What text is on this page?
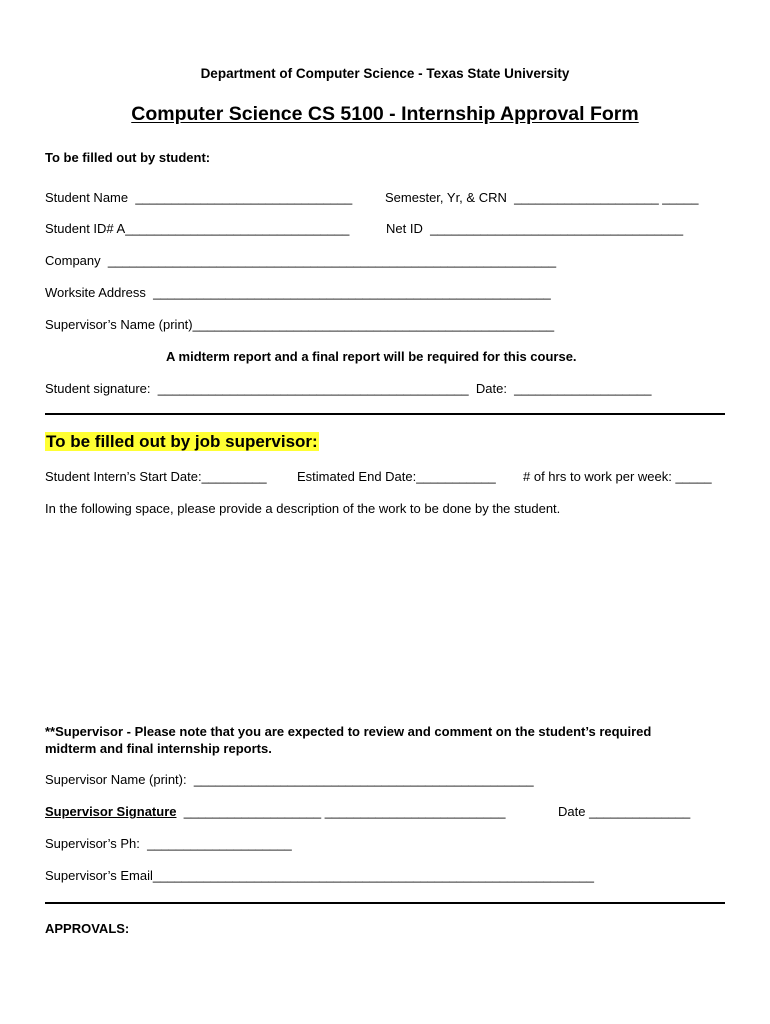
Department of Computer Science - Texas State University
Computer Science CS 5100 - Internship Approval Form
To be filled out by student:
Student Name  ______________________________	Semester, Yr, & CRN  ____________________ _____
Student ID# A_______________________________	Net ID  ___________________________________
Company  ______________________________________________________________
Worksite Address  _______________________________________________________
Supervisor’s Name (print)__________________________________________________
A midterm report and a final report will be required for this course.
Student signature:  ___________________________________________  Date:  ___________________
To be filled out by job supervisor:
Student Intern’s Start Date:_________ Estimated End Date:___________ # of hrs to work per week: _____
In the following space, please provide a description of the work to be done by the student.
**Supervisor - Please note that you are expected to review and comment on the student’s required
midterm and final internship reports.
Supervisor Name (print):  _______________________________________________
Supervisor Signature  ___________________ _________________________	Date ______________
Supervisor’s Ph:  ____________________
Supervisor’s Email_____________________________________________________________
APPROVALS:
